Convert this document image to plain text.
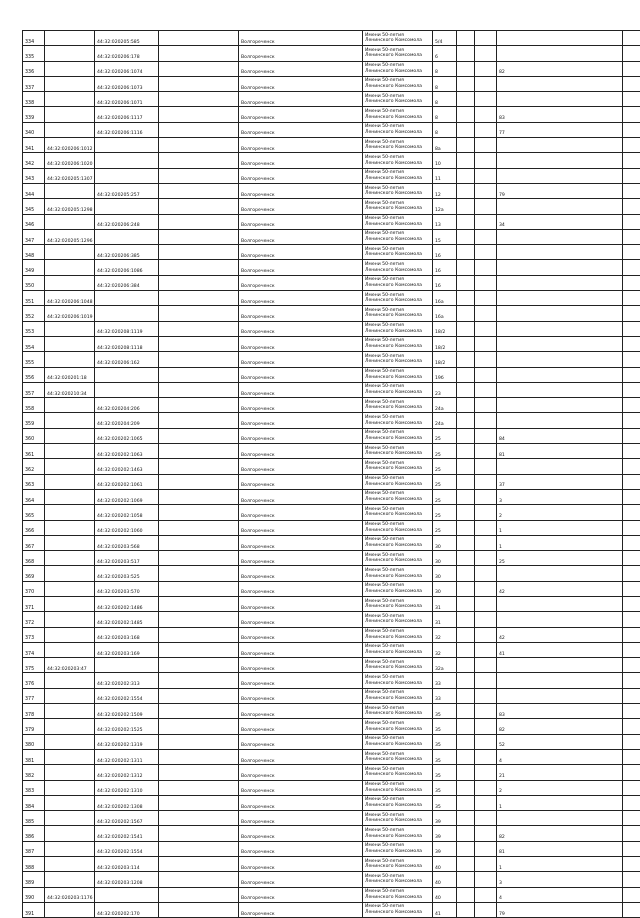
334		44:32:020205:585		Волгореченск	Имени 50-летия
Ленинского Комсомола	5/4				
335		44:32:020206:178		Волгореченск	Имени 50-летия
Ленинского Комсомола	6				
336		44:32:020206:1074		Волгореченск	Имени 50-летия
Ленинского Комсомола	8			82	
337		44:32:020206:1073		Волгореченск	Имени 50-летия
Ленинского Комсомола	8				
338		44:32:020206:1071		Волгореченск	Имени 50-летия
Ленинского Комсомола	8				
339		44:32:020206:1117		Волгореченск	Имени 50-летия
Ленинского Комсомола	8			83	
340		44:32:020206:1116		Волгореченск	Имени 50-летия
Ленинского Комсомола	8			77	
341	44:32:020206:1012			Волгореченск	Имени 50-летия
Ленинского Комсомола	8а				
342	44:32:020206:1020			Волгореченск	Имени 50-летия
Ленинского Комсомола	10				
343	44:32:020205:1307			Волгореченск	Имени 50-летия
Ленинского Комсомола	11				
344		44:32:020205:257		Волгореченск	Имени 50-летия
Ленинского Комсомола	12			79	
345	44:32:020205:1298			Волгореченск	Имени 50-летия
Ленинского Комсомола	12а				
346		44:32:020206:248		Волгореченск	Имени 50-летия
Ленинского Комсомола	13			34	
347	44:32:020205:1296			Волгореченск	Имени 50-летия
Ленинского Комсомола	15				
348		44:32:020206:385		Волгореченск	Имени 50-летия
Ленинского Комсомола	16				
349		44:32:020206:1086		Волгореченск	Имени 50-летия
Ленинского Комсомола	16				
350		44:32:020206:384		Волгореченск	Имени 50-летия
Ленинского Комсомола	16				
351	44:32:020206:1048			Волгореченск	Имени 50-летия
Ленинского Комсомола	16а				
352	44:32:020206:1019			Волгореченск	Имени 50-летия
Ленинского Комсомола	16а				
353		44:32:020208:1119		Волгореченск	Имени 50-летия
Ленинского Комсомола	18/2				
354		44:32:020208:1118		Волгореченск	Имени 50-летия
Ленинского Комсомола	18/2				
355		44:32:020206:162		Волгореченск	Имени 50-летия
Ленинского Комсомола	18/2				
356	44:32:020201:18			Волгореченск	Имени 50-летия
Ленинского Комсомола	19б				
357	44:32:020210:34			Волгореченск	Имени 50-летия
Ленинского Комсомола	23				
358		44:32:020204:206		Волгореченск	Имени 50-летия
Ленинского Комсомола	24а				
359		44:32:020204:209		Волгореченск	Имени 50-летия
Ленинского Комсомола	24а				
360		44:32:020202:1065		Волгореченск	Имени 50-летия
Ленинского Комсомола	25			84	
361		44:32:020202:1063		Волгореченск	Имени 50-летия
Ленинского Комсомола	25			81	
362		44:32:020202:1463		Волгореченск	Имени 50-летия
Ленинского Комсомола	25				
363		44:32:020202:1061		Волгореченск	Имени 50-летия
Ленинского Комсомола	25			37	
364		44:32:020202:1069		Волгореченск	Имени 50-летия
Ленинского Комсомола	25			3	
365		44:32:020202:1058		Волгореченск	Имени 50-летия
Ленинского Комсомола	25			2	
366		44:32:020202:1060		Волгореченск	Имени 50-летия
Ленинского Комсомола	25			1	
367		44:32:020203:568		Волгореченск	Имени 50-летия
Ленинского Комсомола	30			1	
368		44:32:020203:517		Волгореченск	Имени 50-летия
Ленинского Комсомола	30			25	
369		44:32:020203:525		Волгореченск	Имени 50-летия
Ленинского Комсомола	30				
370		44:32:020203:570		Волгореченск	Имени 50-летия
Ленинского Комсомола	30			42	
371		44:32:020202:1486		Волгореченск	Имени 50-летия
Ленинского Комсомола	31				
372		44:32:020202:1485		Волгореченск	Имени 50-летия
Ленинского Комсомола	31				
373		44:32:020203:168		Волгореченск	Имени 50-летия
Ленинского Комсомола	32			42	
374		44:32:020203:169		Волгореченск	Имени 50-летия
Ленинского Комсомола	32			41	
375	44:32:020203:47			Волгореченск	Имени 50-летия
Ленинского Комсомола	32а				
376		44:32:020202:313		Волгореченск	Имени 50-летия
Ленинского Комсомола	33				
377		44:32:020202:1554		Волгореченск	Имени 50-летия
Ленинского Комсомола	33				
378		44:32:020202:1509		Волгореченск	Имени 50-летия
Ленинского Комсомола	35			83	
379		44:32:020202:1525		Волгореченск	Имени 50-летия
Ленинского Комсомола	35			82	
380		44:32:020202:1319		Волгореченск	Имени 50-летия
Ленинского Комсомола	35			52	
381		44:32:020202:1311		Волгореченск	Имени 50-летия
Ленинского Комсомола	35			4	
382		44:32:020202:1312		Волгореченск	Имени 50-летия
Ленинского Комсомола	35			21	
383		44:32:020202:1310		Волгореченск	Имени 50-летия
Ленинского Комсомола	35			2	
384		44:32:020202:1308		Волгореченск	Имени 50-летия
Ленинского Комсомола	35			1	
385		44:32:020202:1567		Волгореченск	Имени 50-летия
Ленинского Комсомола	39				
386		44:32:020202:1541		Волгореченск	Имени 50-летия
Ленинского Комсомола	39			82	
387		44:32:020202:1554		Волгореченск	Имени 50-летия
Ленинского Комсомола	39			81	
388		44:32:020203:114		Волгореченск	Имени 50-летия
Ленинского Комсомола	40			1	
389		44:32:020203:1208		Волгореченск	Имени 50-летия
Ленинского Комсомола	40			3	
390	44:32:020203:1176			Волгореченск	Имени 50-летия
Ленинского Комсомола	40			4	
391		44:32:020202:170		Волгореченск	Имени 50-летия
Ленинского Комсомола	41			79	
